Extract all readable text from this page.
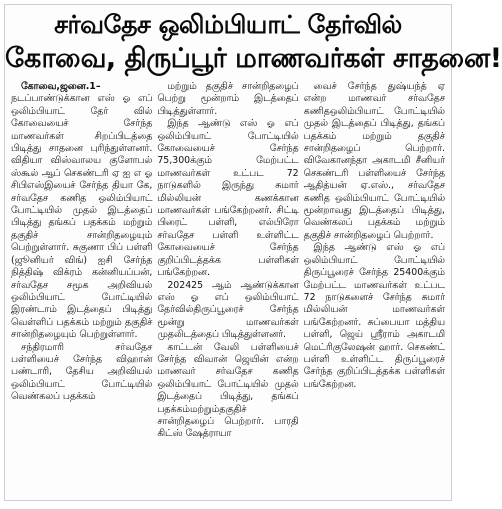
சர்வதேச ஒலிம்பியாட் தேர்வில்
கோவை, திருப்பூர் மாணவர்கள் சாதனை!

கோவை,ஜனை.1– நடப்பாண்டுக்கான எஸ் ஓ எப் ஒலிம்பியாட் தேர் வில் கோவையைச் சேர்ந்த மாணவர்கள் சிறப்பிடத்தை பிடித்து சாதனை புரிந்துள்ளனர். விதியா விஸ்வாலய குளோபல் ஸ்கூல் ஆப் செகண்டரி ஏ ஐ எ ஓ சிபிஎஸ்இயைச் சேர்ந்த தியா கே, சர்வதேச கணித ஒலிம்பியாட் போட்டியில் முதல் இடத்தைப் பிடித்து தங்கப் பதக்கம் மற்றும் தகுதிச் சான்றிதழையும் பெற்றுள்ளார். சுகுணா பிப் பள்ளி (ஜூனியர் விங்) ஐசி சேர்ந்த நித்திஷ் விக்ரம் கன்னியப்பன், சர்வதேச சமூக அறிவியல் ஒலிம்பியாட் போட்டியில் இரண்டாம் இடத்தைப் பிடித்து வெள்ளிப் பதக்கம் மற்றும் தகுதிச் சான்றிதழையும் பெற்றுள்ளார்.

சந்திரமாரி சர்வதேச பள்ளியைச் சேர்ந்த விஹான் பண்டாரி, தேசிய அறிவியல் ஒலிம்பியாட் போட்டியில் வெண்கலப் பதக்கம்

மற்றும் தகுதிச் சான்றிதழைப் பெற்று மூன்றாம் இடத்தைப் பிடித்துள்ளார்.

இந்த ஆண்டு எஸ் ஓ எப் ஒலிம்பியாட் போட்டியில் கோவையைச் சேர்ந்த 75,300க்கும் மேற்பட்ட மாணவர்கள் உட்பட 72 நாடுகளில் இருந்து சுமார் மில்லியன் கணக்கான மாணவர்கள் பங்கேற்றனர். சிட்டி பிரைட் பள்ளி, எல்பிரோ சர்வதேச பள்ளி உள்ளிட்ட கோவையைச் சேர்ந்த குறிப்பிடத்தக்க பள்ளிகள் பங்கேற்றன.

202425 ஆம் ஆண்டுக்கான எஸ் ஓ எப் ஒலிம்பியாட் தேர்வில்திருப்பூரைச் சேர்ந்த மூன்று மாணவர்கள் முதலிடத்தைப் பிடித்துள்ளனர்.

காட்டன் வேலி பள்ளியைச் சேர்ந்த விவான் ஜெயின் என்ற மாணவர் சர்வதேச கணித ஒலிம்பியாட் போட்டியில் முதல் இடத்தைப் பிடித்து, தங்கப் பதக்கம்மற்றும்தகுதிச் சான்றிதழைப் பெற்றார். பாரதி கிட்ஸ் ஷேத்ராயா

வைச் சேர்ந்த துஷ்யந்த் ஏ என்ற மாணவர் சர்வதேச கணிதஒலிம்பியாட் போட்டியில் முதல் இடத்தைப் பிடித்து, தங்கப் பதக்கம் மற்றும் தகுதிச் சான்றிதழைப் பெற்றார். விவேகானந்தா அகாடமி சீனியர் செகண்டரி பள்ளியைச் சேர்ந்த ஆதித்யன் ஏ.எஸ்., சர்வதேச கணித ஒலிம்பியாட் போட்டியில் மூன்றாவது இடத்தைப் பிடித்து, வெண்கலப் பதக்கம் மற்றும் தகுதிச் சான்றிதழைப் பெற்றார்.

இந்த ஆண்டு எஸ் ஓ எப் ஒலிம்பியாட் போட்டியில் திருப்பூரைச் சேர்ந்த 25400க்கும் மேற்பட்ட மாணவர்கள் உட்பட 72 நாடுகளைச் சேர்ந்த சுமார் மில்லியன் மாணவர்கள் பங்கேற்றனர். சுப்பையா மத்திய பள்ளி, ஜெய் ஸ்ரீராம் அகாடமி மெட்ரிகுலேஷன் ஹார். செகண்ட் பள்ளி உள்ளிட்ட திருப்பூரைச் சேர்ந்த குறிப்பிடத்தக்க பள்ளிகள் பங்கேற்றன.
